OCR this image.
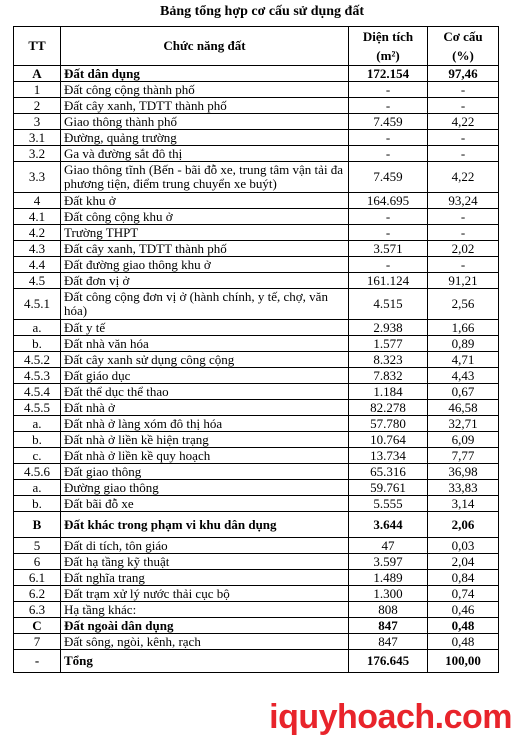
Bảng tổng hợp cơ cấu sử dụng đất
TT	Chức năng đất	Diện tích	Cơ cấu
		(m²)	(%)
A	Đất dân dụng	172.154	97,46
1	Đất công cộng thành phố	-	-
2	Đất cây xanh, TDTT thành phố	-	-
3	Giao thông thành phố	7.459	4,22
3.1	Đường, quảng trường	-	-
3.2	Ga và đường sắt đô thị	-	-
3.3	Giao thông tĩnh (Bến - bãi đỗ xe, trung tâm vận tải đa phương tiện, điểm trung chuyển xe buýt)	7.459	4,22
4	Đất khu ở	164.695	93,24
4.1	Đất công cộng khu ở	-	-
4.2	Trường THPT	-	-
4.3	Đất cây xanh, TDTT thành phố	3.571	2,02
4.4	Đất đường giao thông khu ở	-	-
4.5	Đất đơn vị ở	161.124	91,21
4.5.1	Đất công cộng đơn vị ở (hành chính, y tế, chợ, văn hóa)	4.515	2,56
a.	Đất y tế	2.938	1,66
b.	Đất nhà văn hóa	1.577	0,89
4.5.2	Đất cây xanh sử dụng công cộng	8.323	4,71
4.5.3	Đất giáo dục	7.832	4,43
4.5.4	Đất thể dục thể thao	1.184	0,67
4.5.5	Đất nhà ở	82.278	46,58
a.	Đất nhà ở làng xóm đô thị hóa	57.780	32,71
b.	Đất nhà ở liền kề hiện trạng	10.764	6,09
c.	Đất nhà ở liền kề quy hoạch	13.734	7,77
4.5.6	Đất giao thông	65.316	36,98
a.	Đường giao thông	59.761	33,83
b.	Đất bãi đỗ xe	5.555	3,14
B	Đất khác trong phạm vi khu dân dụng	3.644	2,06
5	Đất di tích, tôn giáo	47	0,03
6	Đất hạ tầng kỹ thuật	3.597	2,04
6.1	Đất nghĩa trang	1.489	0,84
6.2	Đất trạm xử lý nước thải cục bộ	1.300	0,74
6.3	Hạ tầng khác:	808	0,46
C	Đất ngoài dân dụng	847	0,48
7	Đất sông, ngòi, kênh, rạch	847	0,48
-	Tổng	176.645	100,00
iquyhoach.com
